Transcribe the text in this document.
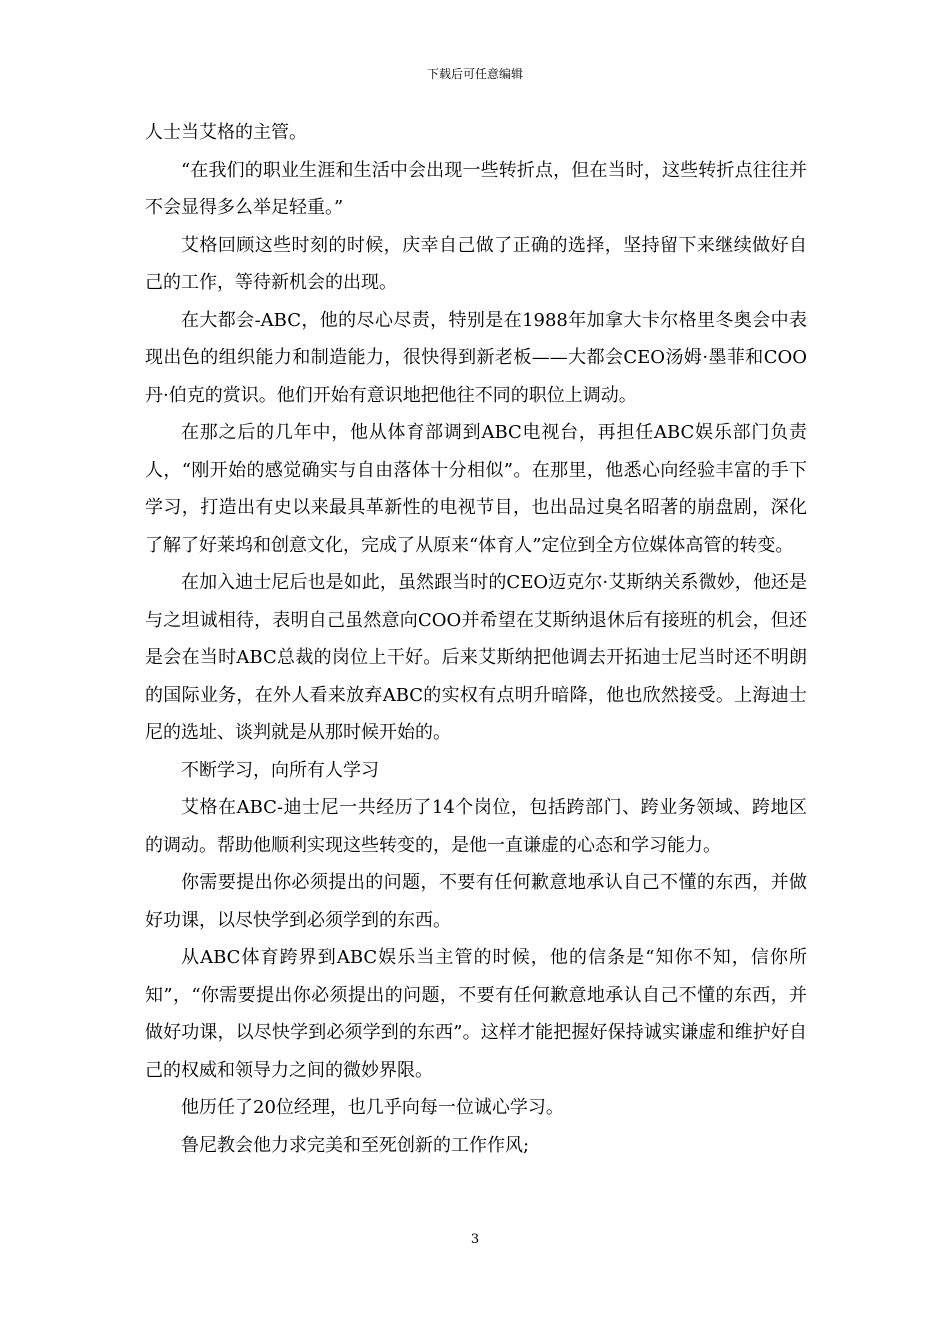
下载后可任意编辑

人士当艾格的主管。

“在我们的职业生涯和生活中会出现一些转折点，但在当时，这些转折点往往并不会显得多么举足轻重。”

艾格回顾这些时刻的时候，庆幸自己做了正确的选择，坚持留下来继续做好自己的工作，等待新机会的出现。

在大都会-ABC，他的尽心尽责，特别是在1988年加拿大卡尔格里冬奥会中表现出色的组织能力和制造能力，很快得到新老板——大都会CEO汤姆·墨菲和COO丹·伯克的赏识。他们开始有意识地把他往不同的职位上调动。

在那之后的几年中，他从体育部调到ABC电视台，再担任ABC娱乐部门负责人，“刚开始的感觉确实与自由落体十分相似”。在那里，他悉心向经验丰富的手下学习，打造出有史以来最具革新性的电视节目，也出品过臭名昭著的崩盘剧，深化了解了好莱坞和创意文化，完成了从原来“体育人”定位到全方位媒体高管的转变。

在加入迪士尼后也是如此，虽然跟当时的CEO迈克尔·艾斯纳关系微妙，他还是与之坦诚相待，表明自己虽然意向COO并希望在艾斯纳退休后有接班的机会，但还是会在当时ABC总裁的岗位上干好。后来艾斯纳把他调去开拓迪士尼当时还不明朗的国际业务，在外人看来放弃ABC的实权有点明升暗降，他也欣然接受。上海迪士尼的选址、谈判就是从那时候开始的。

不断学习，向所有人学习

艾格在ABC-迪士尼一共经历了14个岗位，包括跨部门、跨业务领域、跨地区的调动。帮助他顺利实现这些转变的，是他一直谦虚的心态和学习能力。

你需要提出你必须提出的问题，不要有任何歉意地承认自己不懂的东西，并做好功课，以尽快学到必须学到的东西。

从ABC体育跨界到ABC娱乐当主管的时候，他的信条是“知你不知，信你所知”，“你需要提出你必须提出的问题，不要有任何歉意地承认自己不懂的东西，并做好功课，以尽快学到必须学到的东西”。这样才能把握好保持诚实谦虚和维护好自己的权威和领导力之间的微妙界限。

他历任了20位经理，也几乎向每一位诚心学习。

鲁尼教会他力求完美和至死创新的工作作风;

3
